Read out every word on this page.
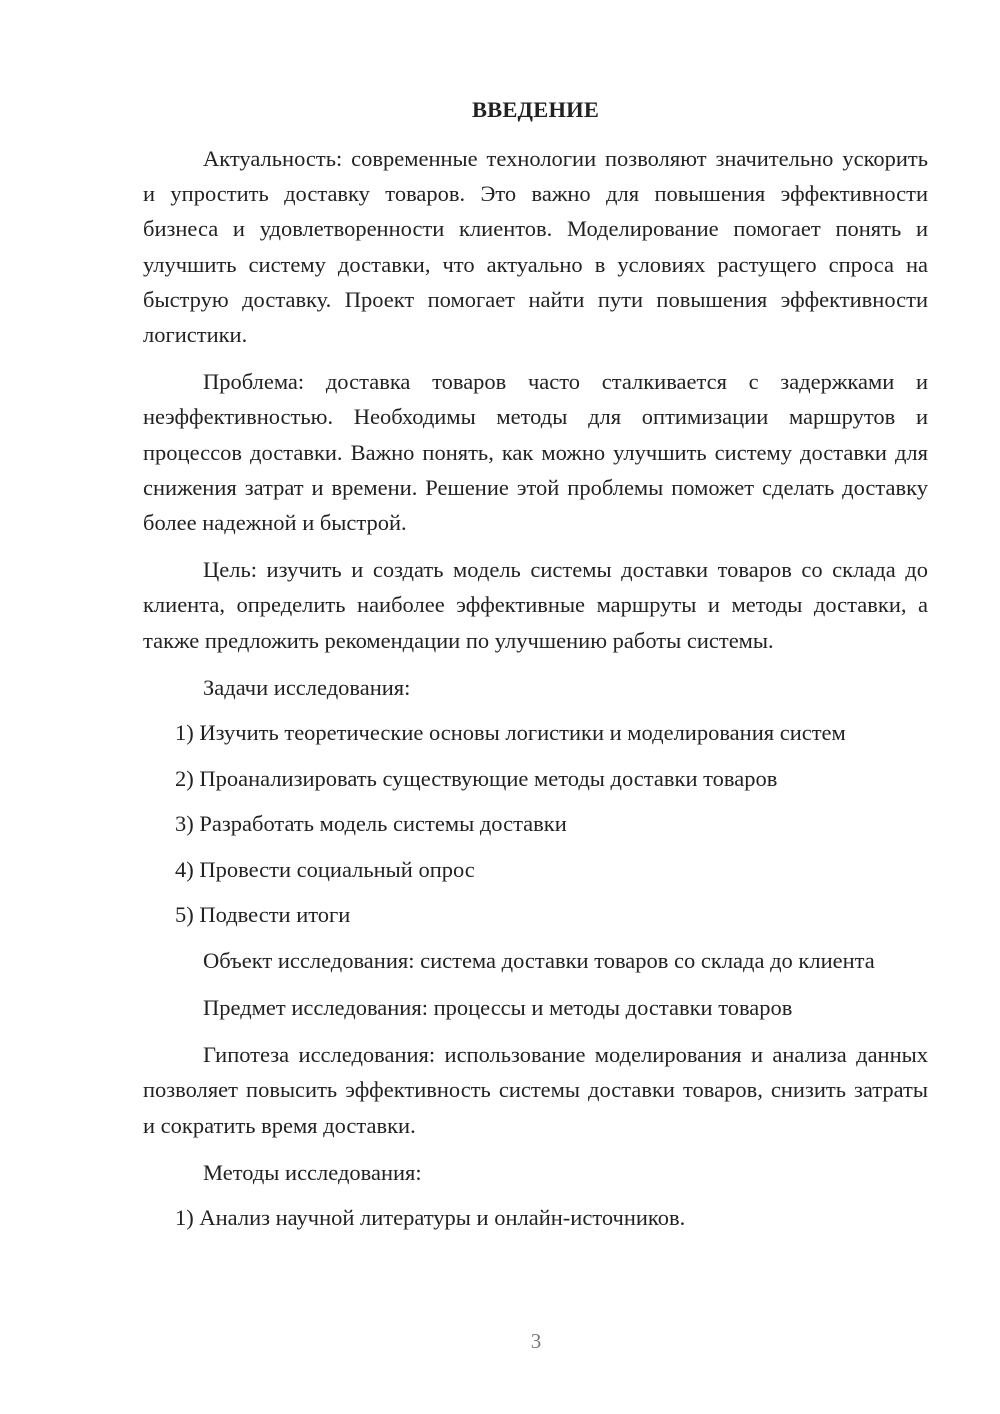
ВВЕДЕНИЕ

Актуальность: современные технологии позволяют значительно ускорить и упростить доставку товаров. Это важно для повышения эффективности бизнеса и удовлетворенности клиентов. Моделирование помогает понять и улучшить систему доставки, что актуально в условиях растущего спроса на быструю доставку. Проект помогает найти пути повышения эффективности логистики.

Проблема: доставка товаров часто сталкивается с задержками и неэффективностью. Необходимы методы для оптимизации маршрутов и процессов доставки. Важно понять, как можно улучшить систему доставки для снижения затрат и времени. Решение этой проблемы поможет сделать доставку более надежной и быстрой.

Цель: изучить и создать модель системы доставки товаров со склада до клиента, определить наиболее эффективные маршруты и методы доставки, а также предложить рекомендации по улучшению работы системы.

Задачи исследования:
1) Изучить теоретические основы логистики и моделирования систем
2) Проанализировать существующие методы доставки товаров
3) Разработать модель системы доставки
4) Провести социальный опрос
5) Подвести итоги

Объект исследования: система доставки товаров со склада до клиента

Предмет исследования: процессы и методы доставки товаров

Гипотеза исследования: использование моделирования и анализа данных позволяет повысить эффективность системы доставки товаров, снизить затраты и сократить время доставки.

Методы исследования:
1) Анализ научной литературы и онлайн-источников.
3
